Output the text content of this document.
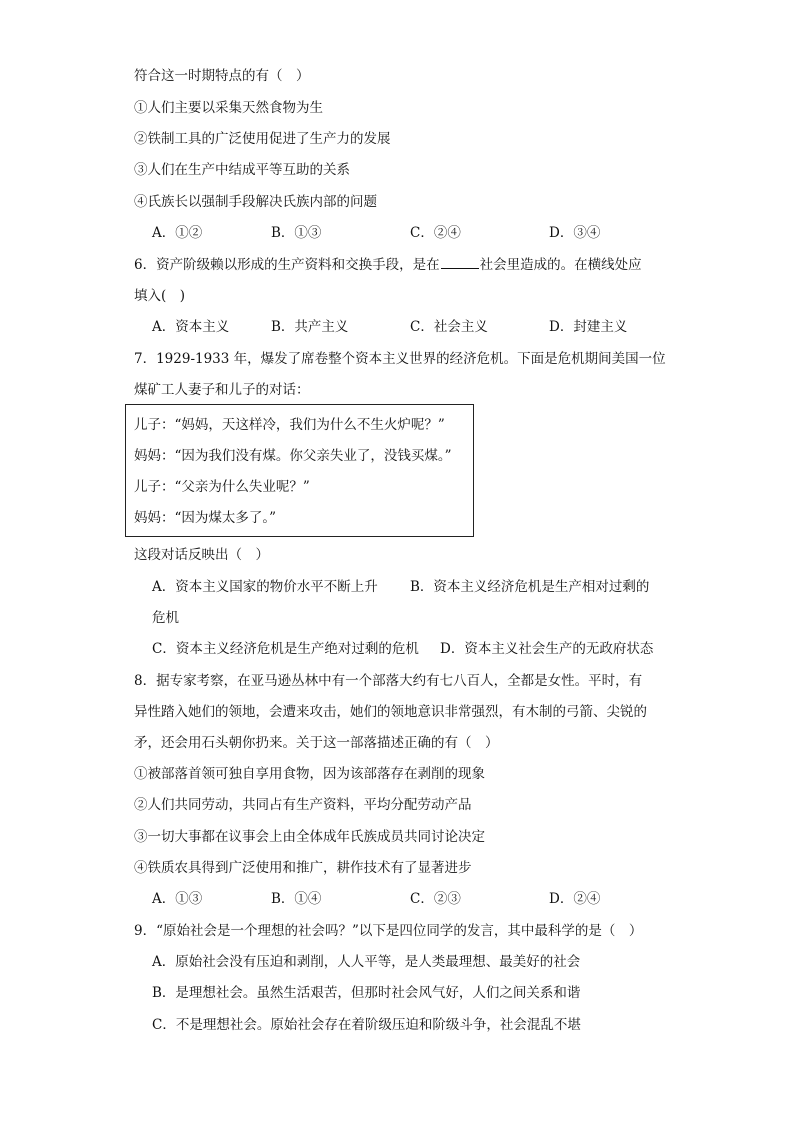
符合这一时期特点的有（　）
①人们主要以采集天然食物为生
②铁制工具的广泛使用促进了生产力的发展
③人们在生产中结成平等互助的关系
④氏族长以强制手段解决氏族内部的问题
A．①②	B．①③	C．②④	D．③④
6．资产阶级赖以形成的生产资料和交换手段，是在	社会里造成的。在横线处应
填入(　)
A．资本主义	B．共产主义	C．社会主义	D．封建主义
7．1929-1933 年，爆发了席卷整个资本主义世界的经济危机。下面是危机期间美国一位
煤矿工人妻子和儿子的对话：
儿子：“妈妈，天这样冷，我们为什么不生火炉呢？”
妈妈：“因为我们没有煤。你父亲失业了，没钱买煤。”
儿子：“父亲为什么失业呢？”
妈妈：“因为煤太多了。”
这段对话反映出（　）
A．资本主义国家的物价水平不断上升 B．资本主义经济危机是生产相对过剩的
危机
C．资本主义经济危机是生产绝对过剩的危机 D．资本主义社会生产的无政府状态
8．据专家考察，在亚马逊丛林中有一个部落大约有七八百人，全都是女性。平时，有
异性踏入她们的领地，会遭来攻击，她们的领地意识非常强烈，有木制的弓箭、尖锐的
矛，还会用石头朝你扔来。关于这一部落描述正确的有（　）
①被部落首领可独自享用食物，因为该部落存在剥削的现象
②人们共同劳动，共同占有生产资料，平均分配劳动产品
③一切大事都在议事会上由全体成年氏族成员共同讨论决定
④铁质农具得到广泛使用和推广，耕作技术有了显著进步
A．①③	B．①④	C．②③	D．②④
9．“原始社会是一个理想的社会吗？”以下是四位同学的发言，其中最科学的是（　）
A．原始社会没有压迫和剥削，人人平等，是人类最理想、最美好的社会
B．是理想社会。虽然生活艰苦，但那时社会风气好，人们之间关系和谐
C．不是理想社会。原始社会存在着阶级压迫和阶级斗争，社会混乱不堪
